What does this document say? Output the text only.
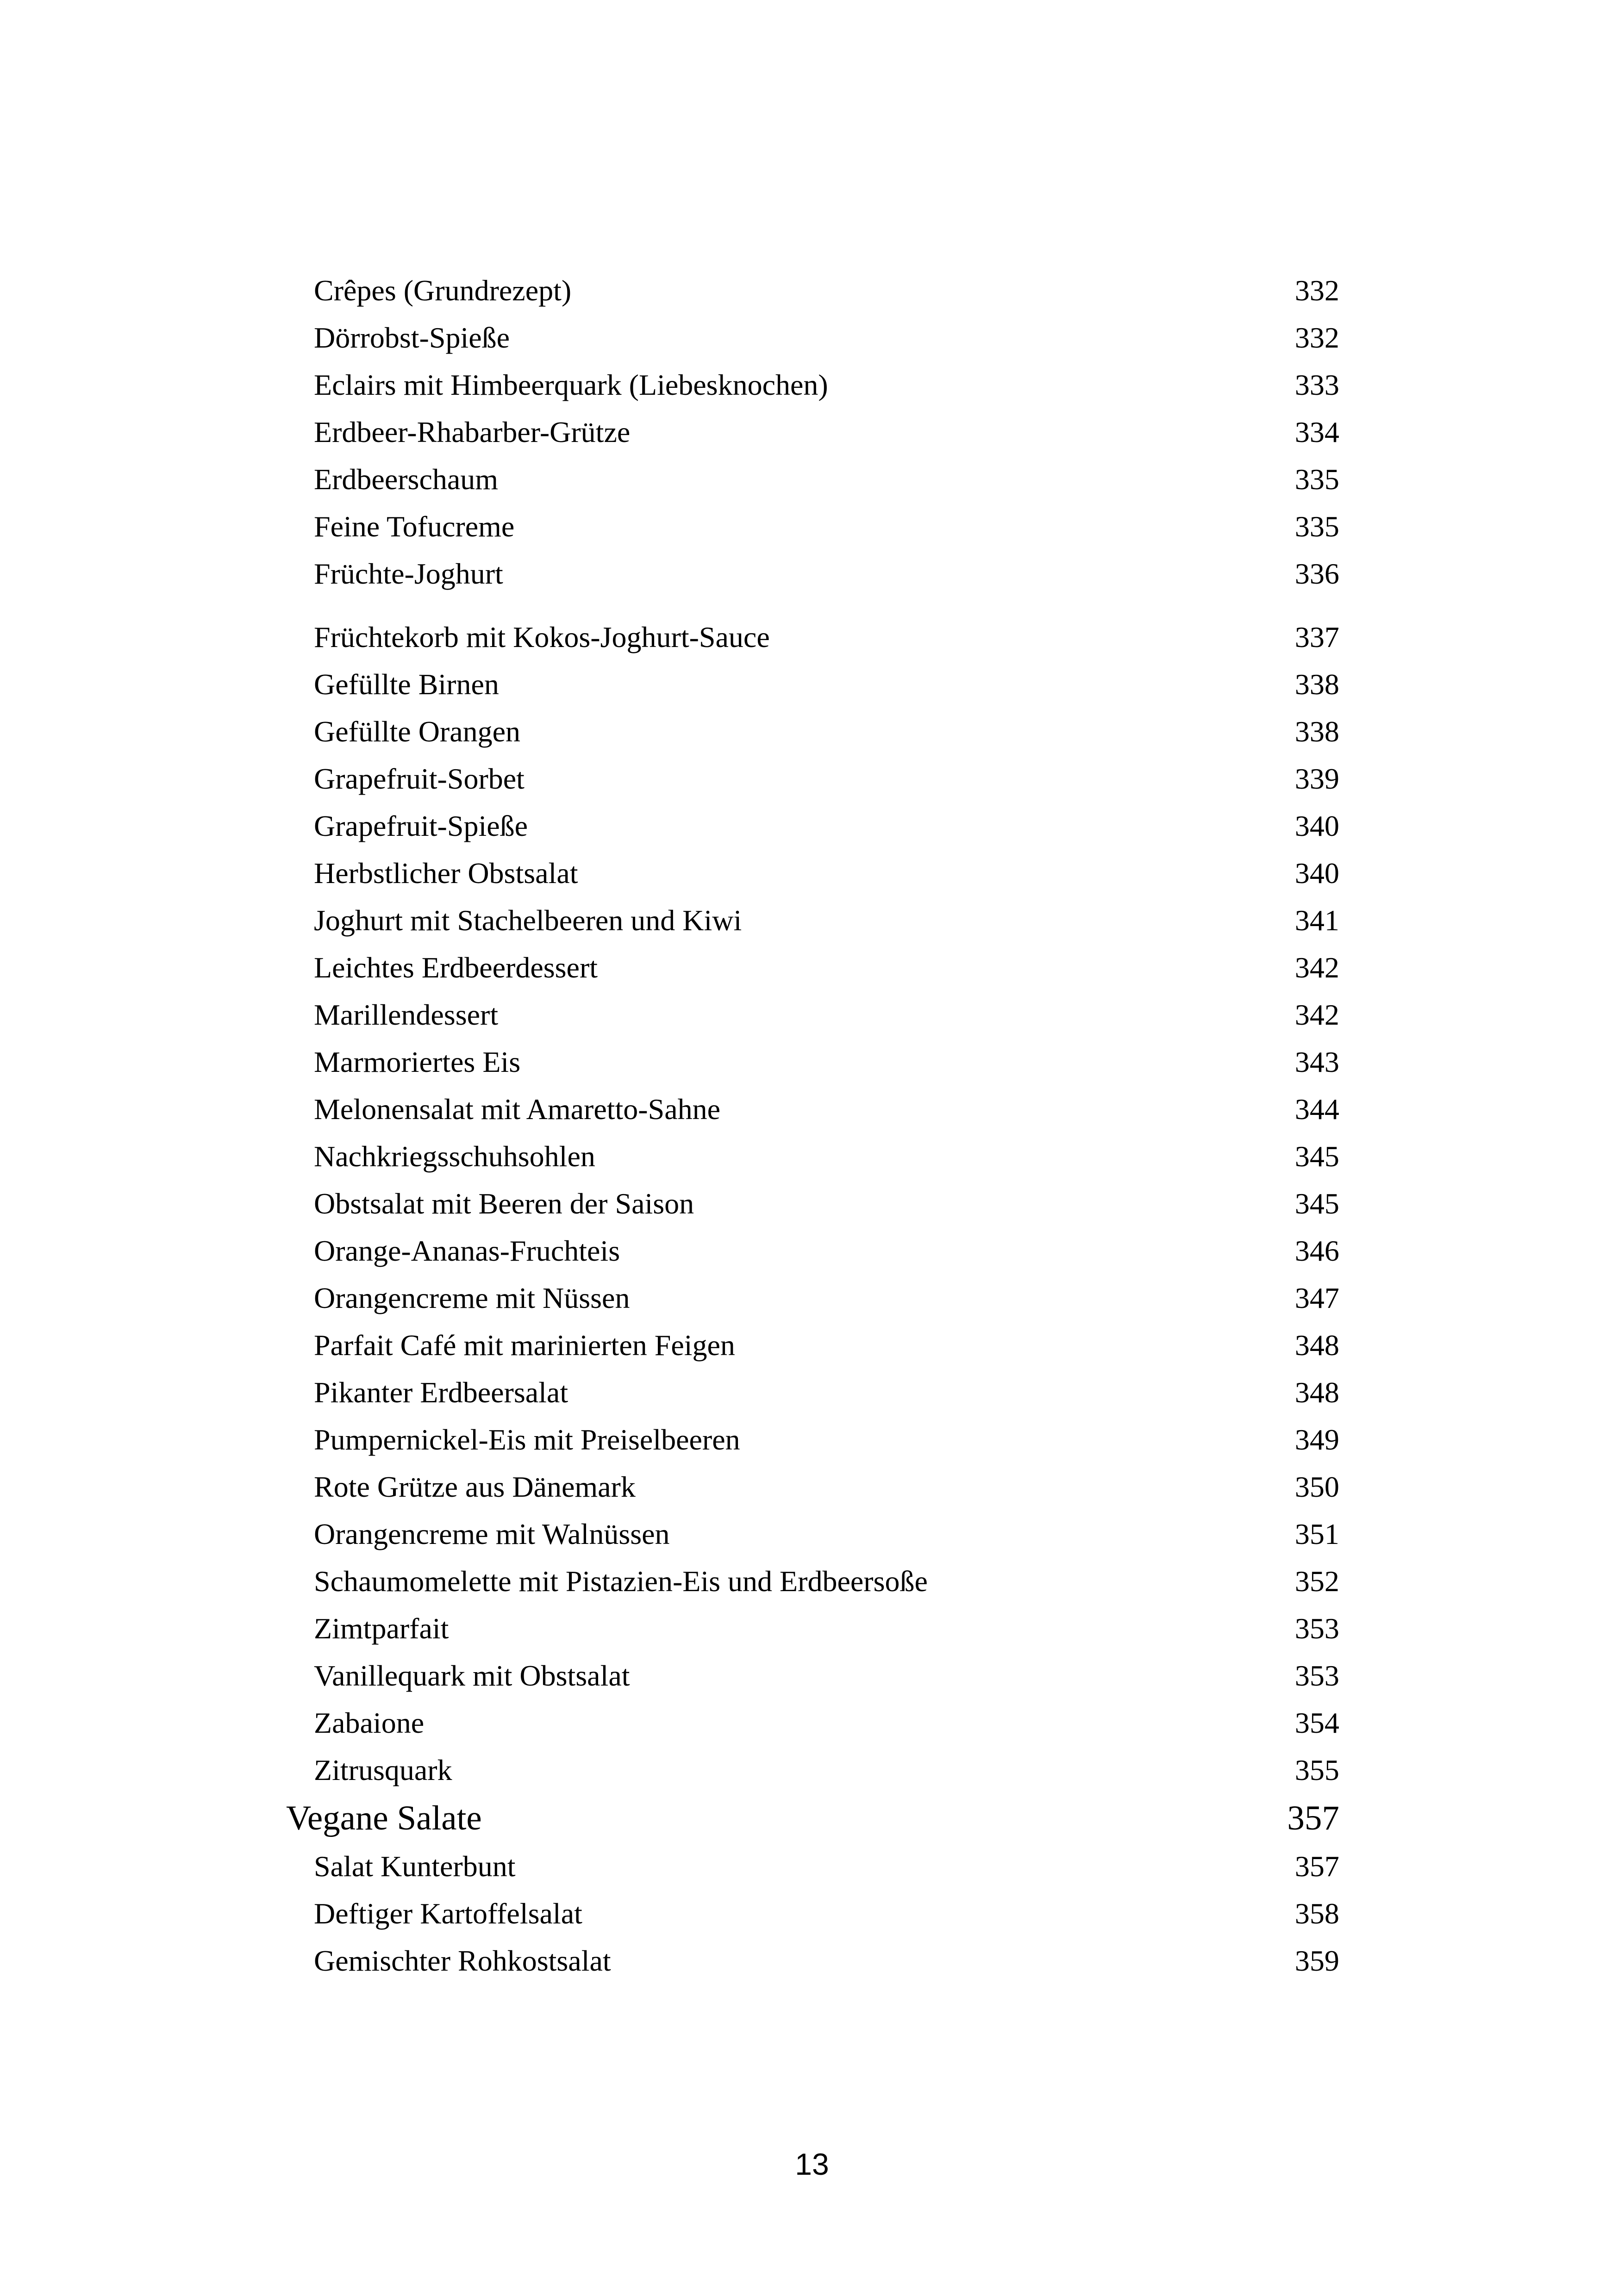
Crêpes (Grundrezept)	332
Dörrobst-Spieße	332
Eclairs mit Himbeerquark (Liebesknochen)	333
Erdbeer-Rhabarber-Grütze	334
Erdbeerschaum	335
Feine Tofucreme	335
Früchte-Joghurt	336
Früchtekorb mit Kokos-Joghurt-Sauce	337
Gefüllte Birnen	338
Gefüllte Orangen	338
Grapefruit-Sorbet	339
Grapefruit-Spieße	340
Herbstlicher Obstsalat	340
Joghurt mit Stachelbeeren und Kiwi	341
Leichtes Erdbeerdessert	342
Marillendessert	342
Marmoriertes Eis	343
Melonensalat mit Amaretto-Sahne	344
Nachkriegsschuhsohlen	345
Obstsalat mit Beeren der Saison	345
Orange-Ananas-Fruchteis	346
Orangencreme mit Nüssen	347
Parfait Café mit marinierten Feigen	348
Pikanter Erdbeersalat	348
Pumpernickel-Eis mit Preiselbeeren	349
Rote Grütze aus Dänemark	350
Orangencreme mit Walnüssen	351
Schaumomelette mit Pistazien-Eis und Erdbeersoße	352
Zimtparfait	353
Vanillequark mit Obstsalat	353
Zabaione	354
Zitrusquark	355
Vegane Salate	357
Salat Kunterbunt	357
Deftiger Kartoffelsalat	358
Gemischter Rohkostsalat	359
13
